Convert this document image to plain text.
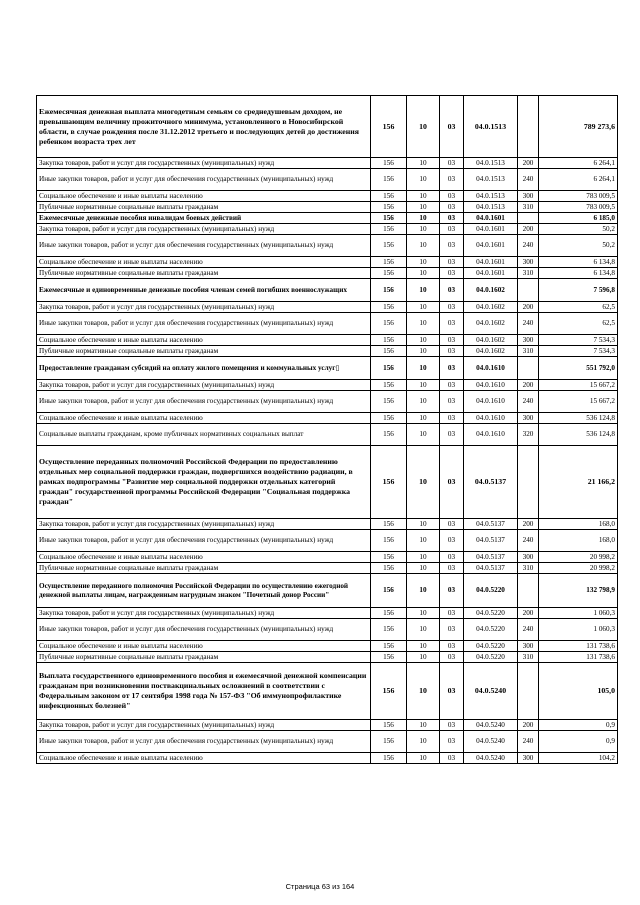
Ежемесячная денежная выплата многодетным семьям со среднедушевым доходом, не превышающим величину прожиточного минимума, установленного в Новосибирской области, в случае рождения после 31.12.2012 третьего и последующих детей до достижения ребенком возраста трех лет	156	10	03	04.0.1513		789 273,6
Закупка товаров, работ и услуг для государственных (муниципальных) нужд	156	10	03	04.0.1513	200	6 264,1
Иные закупки товаров, работ и услуг для обеспечения государственных (муниципальных) нужд	156	10	03	04.0.1513	240	6 264,1
Социальное обеспечение и иные выплаты населению	156	10	03	04.0.1513	300	783 009,5
Публичные нормативные социальные выплаты гражданам	156	10	03	04.0.1513	310	783 009,5
Ежемесячные денежные пособия инвалидам боевых действий	156	10	03	04.0.1601		6 185,0
Закупка товаров, работ и услуг для государственных (муниципальных) нужд	156	10	03	04.0.1601	200	50,2
Иные закупки товаров, работ и услуг для обеспечения государственных (муниципальных) нужд	156	10	03	04.0.1601	240	50,2
Социальное обеспечение и иные выплаты населению	156	10	03	04.0.1601	300	6 134,8
Публичные нормативные социальные выплаты гражданам	156	10	03	04.0.1601	310	6 134,8
Ежемесячные и единовременные денежные пособия членам семей погибших военнослужащих	156	10	03	04.0.1602		7 596,8
Закупка товаров, работ и услуг для государственных (муниципальных) нужд	156	10	03	04.0.1602	200	62,5
Иные закупки товаров, работ и услуг для обеспечения государственных (муниципальных) нужд	156	10	03	04.0.1602	240	62,5
Социальное обеспечение и иные выплаты населению	156	10	03	04.0.1602	300	7 534,3
Публичные нормативные социальные выплаты гражданам	156	10	03	04.0.1602	310	7 534,3
Предоставление гражданам субсидий на оплату жилого помещения и коммунальных услуг▯	156	10	03	04.0.1610		551 792,0
Закупка товаров, работ и услуг для государственных (муниципальных) нужд	156	10	03	04.0.1610	200	15 667,2
Иные закупки товаров, работ и услуг для обеспечения государственных (муниципальных) нужд	156	10	03	04.0.1610	240	15 667,2
Социальное обеспечение и иные выплаты населению	156	10	03	04.0.1610	300	536 124,8
Социальные выплаты гражданам, кроме публичных нормативных социальных выплат	156	10	03	04.0.1610	320	536 124,8
Осуществление переданных полномочий Российской Федерации по предоставлению отдельных мер социальной поддержки граждан, подвергшихся воздействию радиации, в рамках подпрограммы "Развитие мер социальной поддержки отдельных категорий граждан" государственной программы Российской Федерации "Социальная поддержка граждан"	156	10	03	04.0.5137		21 166,2
Закупка товаров, работ и услуг для государственных (муниципальных) нужд	156	10	03	04.0.5137	200	168,0
Иные закупки товаров, работ и услуг для обеспечения государственных (муниципальных) нужд	156	10	03	04.0.5137	240	168,0
Социальное обеспечение и иные выплаты населению	156	10	03	04.0.5137	300	20 998,2
Публичные нормативные социальные выплаты гражданам	156	10	03	04.0.5137	310	20 998,2
Осуществление переданного полномочия Российской Федерации по осуществлению ежегодной денежной выплаты лицам, награжденным нагрудным знаком "Почетный донор России"	156	10	03	04.0.5220		132 798,9
Закупка товаров, работ и услуг для государственных (муниципальных) нужд	156	10	03	04.0.5220	200	1 060,3
Иные закупки товаров, работ и услуг для обеспечения государственных (муниципальных) нужд	156	10	03	04.0.5220	240	1 060,3
Социальное обеспечение и иные выплаты населению	156	10	03	04.0.5220	300	131 738,6
Публичные нормативные социальные выплаты гражданам	156	10	03	04.0.5220	310	131 738,6
Выплата государственного единовременного пособия и ежемесячной денежной компенсации гражданам при возникновении поствакцинальных осложнений в соответствии с Федеральным законом от 17 сентября 1998 года № 157-ФЗ "Об иммунопрофилактике инфекционных болезней"	156	10	03	04.0.5240		105,0
Закупка товаров, работ и услуг для государственных (муниципальных) нужд	156	10	03	04.0.5240	200	0,9
Иные закупки товаров, работ и услуг для обеспечения государственных (муниципальных) нужд	156	10	03	04.0.5240	240	0,9
Социальное обеспечение и иные выплаты населению	156	10	03	04.0.5240	300	104,2
Страница 63 из 164
